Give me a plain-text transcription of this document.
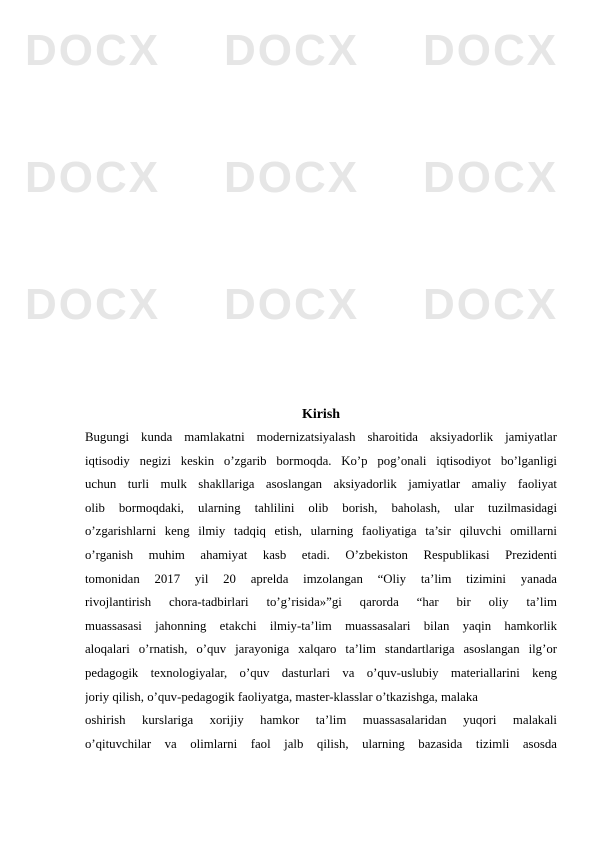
DOCX DOCX DOCX
DOCX DOCX DOCX
DOCX DOCX DOCX
Kirish
Bugungi kunda mamlakatni modernizatsiyalash sharoitida aksiyadorlik jamiyatlar
iqtisodiy negizi keskin o’zgarib bormoqda. Ko’p pog’onali iqtisodiyot bo’lganligi
uchun turli mulk shakllariga asoslangan aksiyadorlik jamiyatlar amaliy faoliyat
olib bormoqdaki, ularning tahlilini olib borish, baholash, ular tuzilmasidagi
o’zgarishlarni keng ilmiy tadqiq etish, ularning faoliyatiga ta’sir qiluvchi omillarni
o’rganish muhim ahamiyat kasb etadi. O’zbekiston Respublikasi Prezidenti
tomonidan 2017 yil 20 aprelda imzolangan “Oliy ta’lim tizimini yanada
rivojlantirish chora-tadbirlari to’g’risida»”gi qarorda “har bir oliy ta’lim
muassasasi jahonning etakchi ilmiy-ta’lim muassasalari bilan yaqin hamkorlik
aloqalari o’rnatish, o’quv jarayoniga xalqaro ta’lim standartlariga asoslangan ilg’or
pedagogik texnologiyalar, o’quv dasturlari va o’quv-uslubiy materiallarini keng
joriy qilish, o’quv-pedagogik faoliyatga, master-klasslar o’tkazishga, malaka
oshirish kurslariga xorijiy hamkor ta’lim muassasalaridan yuqori malakali
o’qituvchilar va olimlarni faol jalb qilish, ularning bazasida tizimli asosda
